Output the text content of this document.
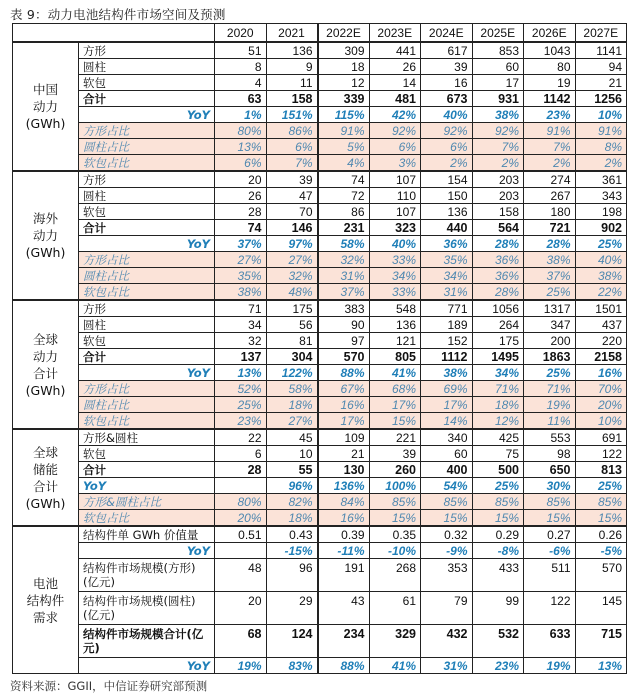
表 9：动力电池结构件市场空间及预测
		2020	2021	2022E	2023E	2024E	2025E	2026E	2027E

中国
动力
(GWh)	方形	51	136	309	441	617	853	1043	1141
	圆柱	8	9	18	26	39	60	80	94
	软包	4	11	12	14	16	17	19	21
	合计	63	158	339	481	673	931	1142	1256
	YoY	1%	151%	115%	42%	40%	38%	23%	10%
	方形占比	80%	86%	91%	92%	92%	92%	91%	91%
	圆柱占比	13%	6%	5%	6%	6%	7%	7%	8%
	软包占比	6%	7%	4%	3%	2%	2%	2%	2%

海外
动力
(GWh)	方形	20	39	74	107	154	203	274	361
	圆柱	26	47	72	110	150	203	267	343
	软包	28	70	86	107	136	158	180	198
	合计	74	146	231	323	440	564	721	902
	YoY	37%	97%	58%	40%	36%	28%	28%	25%
	方形占比	27%	27%	32%	33%	35%	36%	38%	40%
	圆柱占比	35%	32%	31%	34%	34%	36%	37%	38%
	软包占比	38%	48%	37%	33%	31%	28%	25%	22%

全球
动力
合计
(GWh)	方形	71	175	383	548	771	1056	1317	1501
	圆柱	34	56	90	136	189	264	347	437
	软包	32	81	97	121	152	175	200	220
	合计	137	304	570	805	1112	1495	1863	2158
	YoY	13%	122%	88%	41%	38%	34%	25%	16%
	方形占比	52%	58%	67%	68%	69%	71%	71%	70%
	圆柱占比	25%	18%	16%	17%	17%	18%	19%	20%
	软包占比	23%	27%	17%	15%	14%	12%	11%	10%

全球
储能
合计
(GWh)	方形&圆柱	22	45	109	221	340	425	553	691
	软包	6	10	21	39	60	75	98	122
	合计	28	55	130	260	400	500	650	813
	YoY		96%	136%	100%	54%	25%	30%	25%
	方形&圆柱占比	80%	82%	84%	85%	85%	85%	85%	85%
	软包占比	20%	18%	16%	15%	15%	15%	15%	15%

电池
结构件
需求	结构件单 GWh 价值量	0.51	0.43	0.39	0.35	0.32	0.29	0.27	0.26
	YoY		-15%	-11%	-10%	-9%	-8%	-6%	-5%
	结构件市场规模(方形)(亿元)	48	96	191	268	353	433	511	570
	结构件市场规模(圆柱)(亿元)	20	29	43	61	79	99	122	145
	结构件市场规模合计(亿元)	68	124	234	329	432	532	633	715
	YoY	19%	83%	88%	41%	31%	23%	19%	13%
资料来源：GGII，中信证券研究部预测
